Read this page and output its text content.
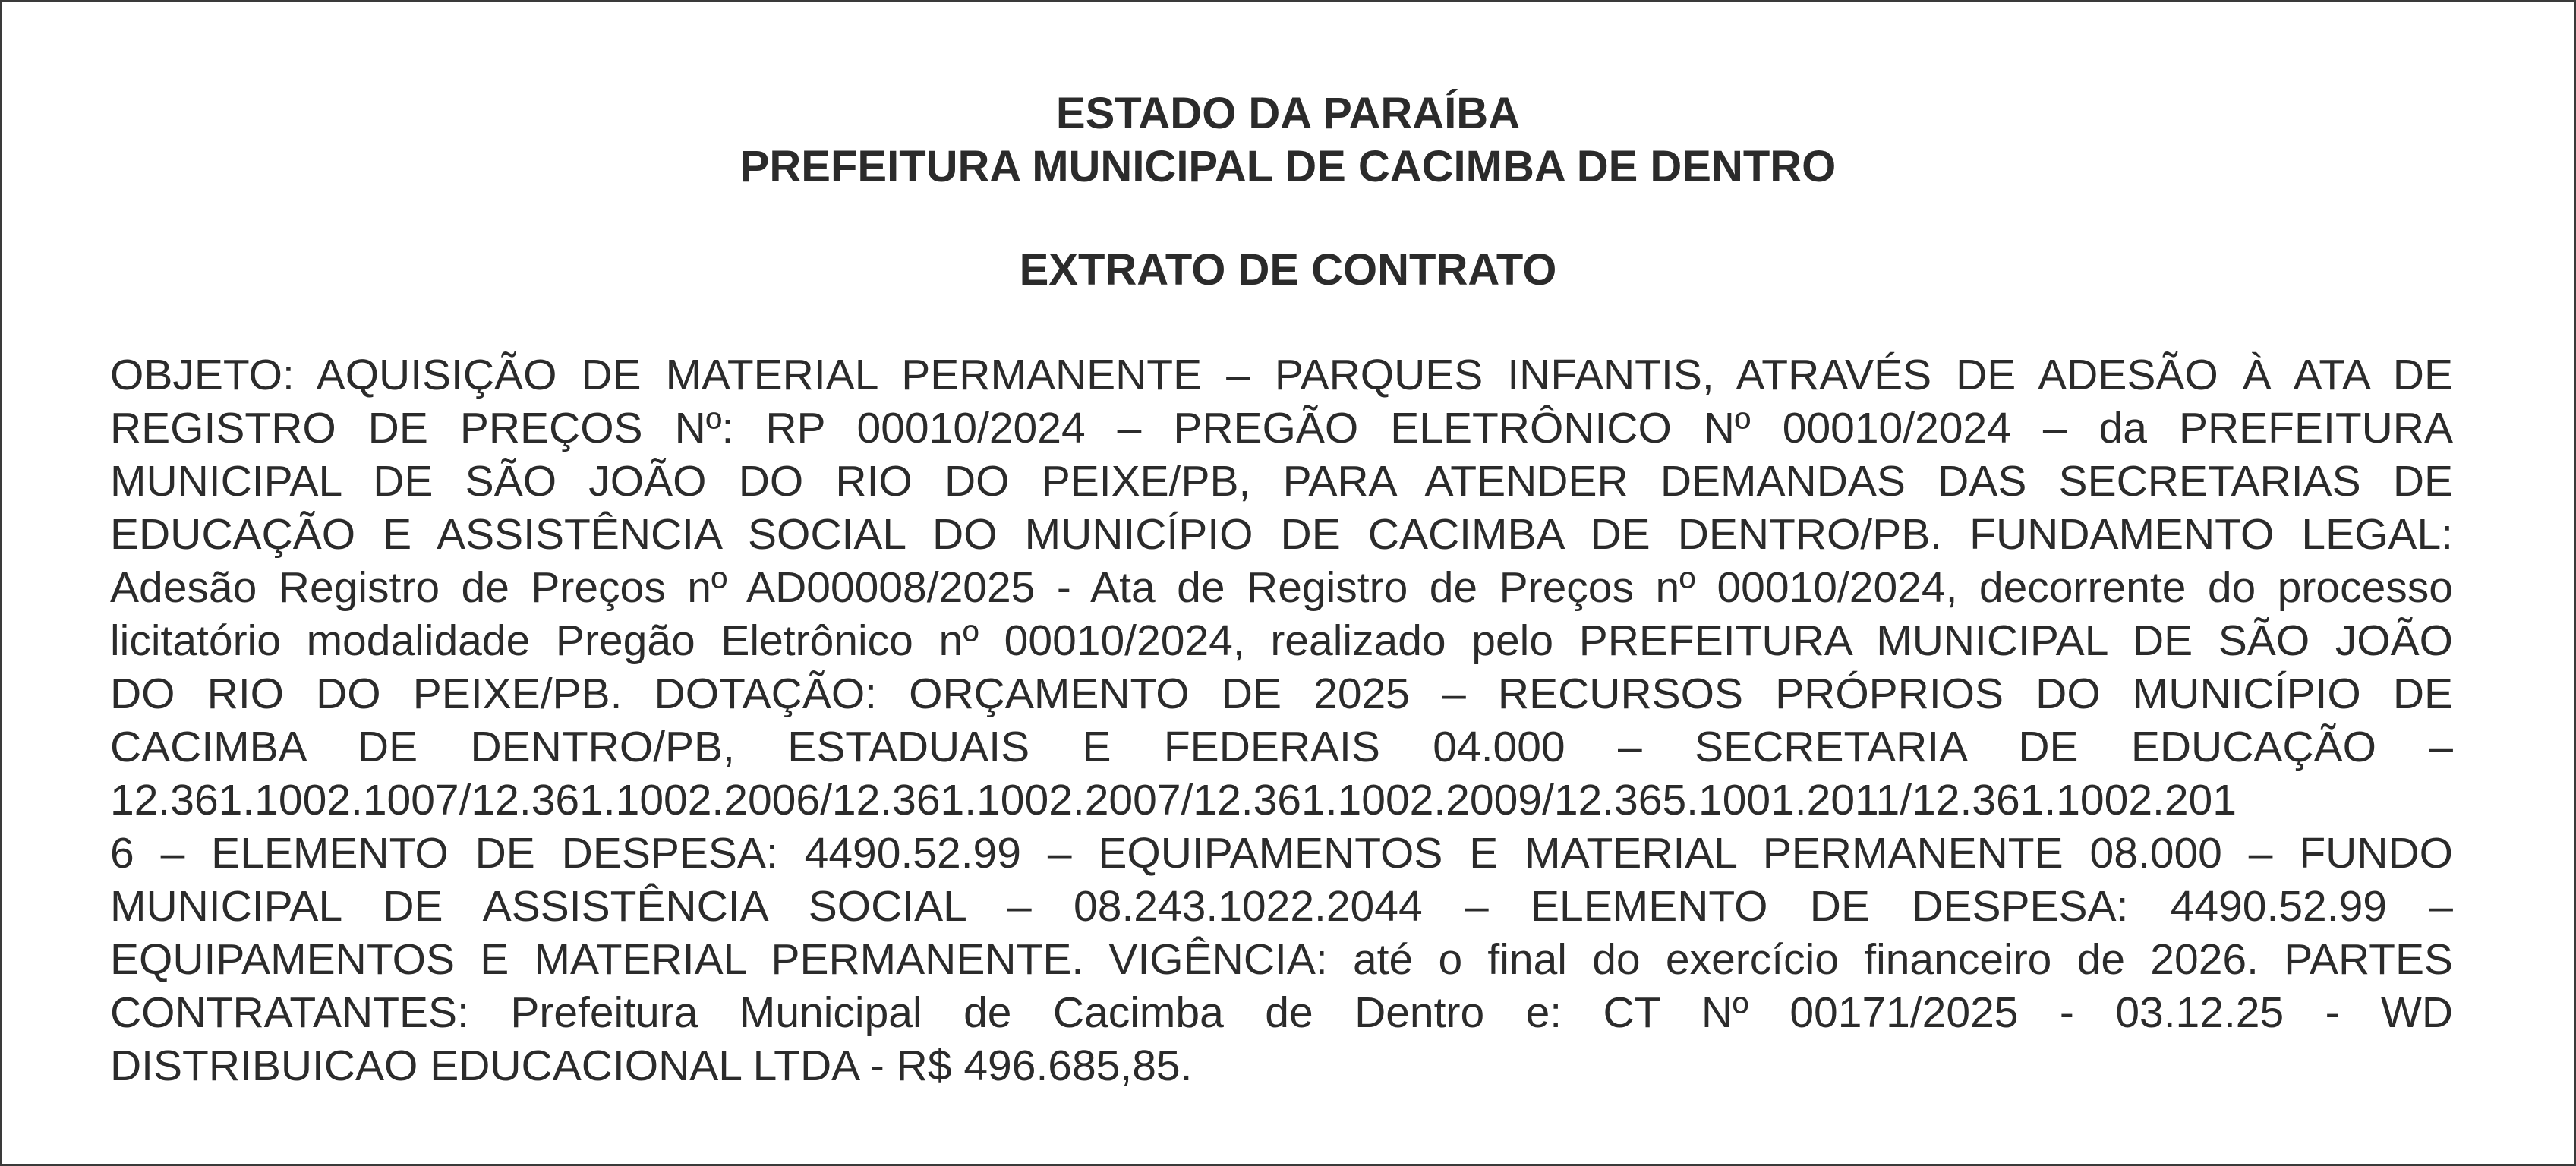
ESTADO DA PARAÍBA
PREFEITURA MUNICIPAL DE CACIMBA DE DENTRO
EXTRATO DE CONTRATO
OBJETO: AQUISIÇÃO DE MATERIAL PERMANENTE – PARQUES INFANTIS, ATRAVÉS DE ADESÃO À ATA DE
REGISTRO DE PREÇOS Nº: RP 00010/2024 – PREGÃO ELETRÔNICO Nº 00010/2024 – da PREFEITURA
MUNICIPAL DE SÃO JOÃO DO RIO DO PEIXE/PB, PARA ATENDER DEMANDAS DAS SECRETARIAS DE
EDUCAÇÃO E ASSISTÊNCIA SOCIAL DO MUNICÍPIO DE CACIMBA DE DENTRO/PB. FUNDAMENTO LEGAL:
Adesão Registro de Preços nº AD00008/2025 - Ata de Registro de Preços nº 00010/2024, decorrente do processo
licitatório modalidade Pregão Eletrônico nº 00010/2024, realizado pelo PREFEITURA MUNICIPAL DE SÃO JOÃO
DO RIO DO PEIXE/PB. DOTAÇÃO: ORÇAMENTO DE 2025 – RECURSOS PRÓPRIOS DO MUNICÍPIO DE
CACIMBA DE DENTRO/PB, ESTADUAIS E FEDERAIS 04.000 – SECRETARIA DE EDUCAÇÃO –
12.361.1002.1007/12.361.1002.2006/12.361.1002.2007/12.361.1002.2009/12.365.1001.2011/12.361.1002.201
6 – ELEMENTO DE DESPESA: 4490.52.99 – EQUIPAMENTOS E MATERIAL PERMANENTE 08.000 – FUNDO
MUNICIPAL DE ASSISTÊNCIA SOCIAL – 08.243.1022.2044 – ELEMENTO DE DESPESA: 4490.52.99 –
EQUIPAMENTOS E MATERIAL PERMANENTE. VIGÊNCIA: até o final do exercício financeiro de 2026. PARTES
CONTRATANTES: Prefeitura Municipal de Cacimba de Dentro e: CT Nº 00171/2025 - 03.12.25 - WD
DISTRIBUICAO EDUCACIONAL LTDA - R$ 496.685,85.
